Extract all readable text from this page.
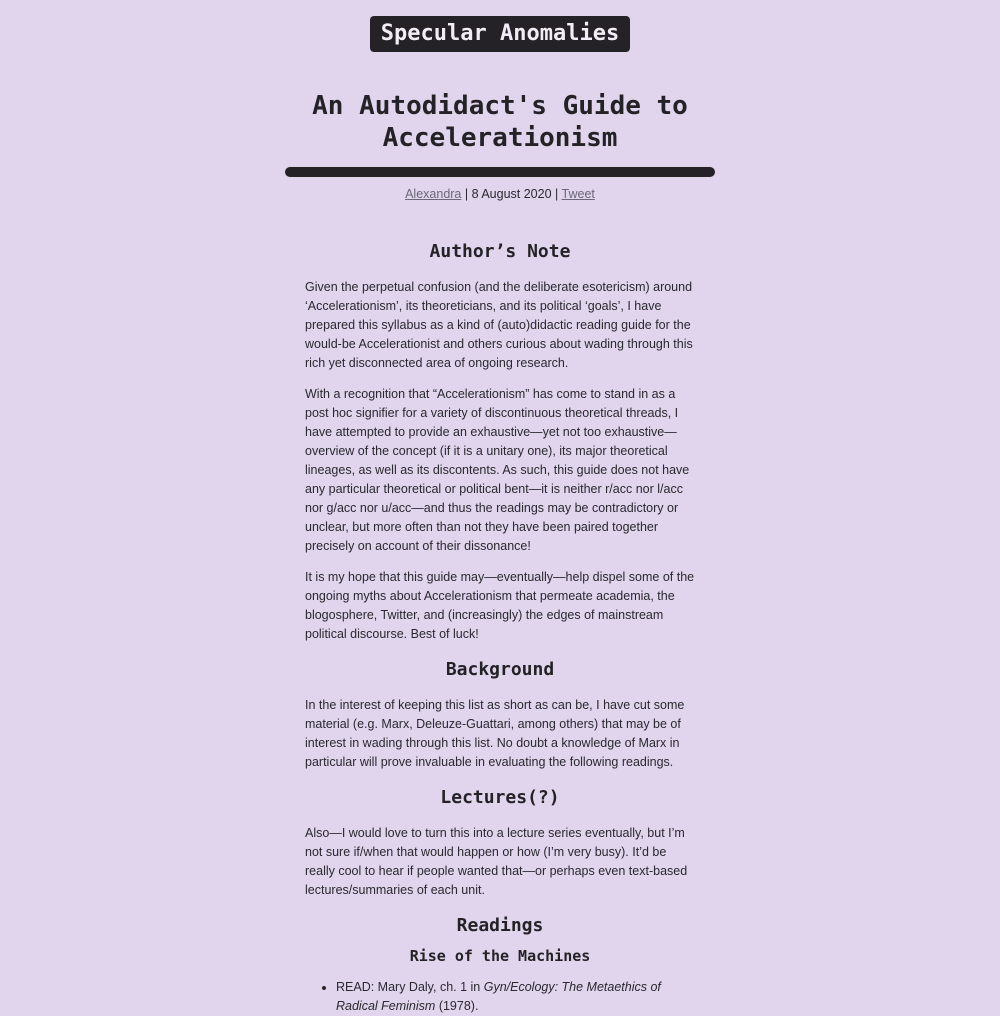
Specular Anomalies
An Autodidact's Guide to Accelerationism
Alexandra | 8 August 2020 | Tweet
Author’s Note

Given the perpetual confusion (and the deliberate esotericism) around ‘Accelerationism’, its theoreticians, and its political ‘goals’, I have prepared this syllabus as a kind of (auto)didactic reading guide for the would-be Accelerationist and others curious about wading through this rich yet disconnected area of ongoing research.

With a recognition that “Accelerationism” has come to stand in as a post hoc signifier for a variety of discontinuous theoretical threads, I have attempted to provide an exhaustive—yet not too exhaustive—overview of the concept (if it is a unitary one), its major theoretical lineages, as well as its discontents. As such, this guide does not have any particular theoretical or political bent—it is neither r/acc nor l/acc nor g/acc nor u/acc—and thus the readings may be contradictory or unclear, but more often than not they have been paired together precisely on account of their dissonance!

It is my hope that this guide may—eventually—help dispel some of the ongoing myths about Accelerationism that permeate academia, the blogosphere, Twitter, and (increasingly) the edges of mainstream political discourse. Best of luck!

Background

In the interest of keeping this list as short as can be, I have cut some material (e.g. Marx, Deleuze-Guattari, among others) that may be of interest in wading through this list. No doubt a knowledge of Marx in particular will prove invaluable in evaluating the following readings.

Lectures(?)

Also—I would love to turn this into a lecture series eventually, but I’m not sure if/when that would happen or how (I’m very busy). It’d be really cool to hear if people wanted that—or perhaps even text-based lectures/summaries of each unit.

Readings
Rise of the Machines
• READ: Mary Daly, ch. 1 in Gyn/Ecology: The Metaethics of Radical Feminism (1978).
